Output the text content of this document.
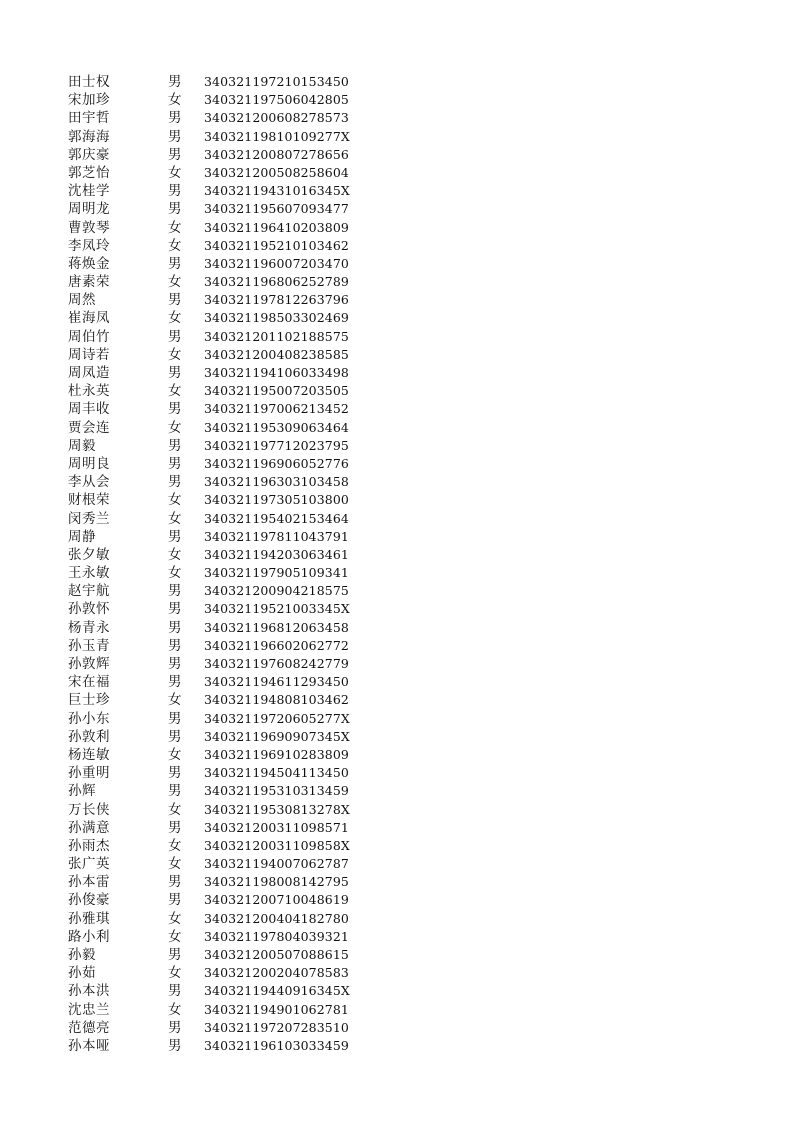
田士权	男 340321197210153450
宋加珍	女 340321197506042805
田宇哲	男 340321200608278573
郭海海	男 34032119810109277X
郭庆豪	男 340321200807278656
郭芝怡	女 340321200508258604
沈桂学	男 34032119431016345X
周明龙	男 340321195607093477
曹敦琴	女 340321196410203809
李凤玲	女 340321195210103462
蒋焕金	男 340321196007203470
唐素荣	女 340321196806252789
周然	男 340321197812263796
崔海凤	女 340321198503302469
周伯竹	男 340321201102188575
周诗若	女 340321200408238585
周凤造	男 340321194106033498
杜永英	女 340321195007203505
周丰收	男 340321197006213452
贾会连	女 340321195309063464
周毅	男 340321197712023795
周明良	男 340321196906052776
李从会	男 340321196303103458
财根荣	女 340321197305103800
闵秀兰	女 340321195402153464
周静	男 340321197811043791
张夕敏	女 340321194203063461
王永敏	女 340321197905109341
赵宇航	男 340321200904218575
孙敦怀	男 34032119521003345X
杨青永	男 340321196812063458
孙玉青	男 340321196602062772
孙敦辉	男 340321197608242779
宋在福	男 340321194611293450
巨士珍	女 340321194808103462
孙小东	男 34032119720605277X
孙敦利	男 34032119690907345X
杨连敏	女 340321196910283809
孙重明	男 340321194504113450
孙辉	男 340321195310313459
万长侠	女 34032119530813278X
孙满意	男 340321200311098571
孙雨杰	女 34032120031109858X
张广英	女 340321194007062787
孙本雷	男 340321198008142795
孙俊豪	男 340321200710048619
孙雅琪	女 340321200404182780
路小利	女 340321197804039321
孙毅	男 340321200507088615
孙茹	女 340321200204078583
孙本洪	男 34032119440916345X
沈忠兰	女 340321194901062781
范德亮	男 340321197207283510
孙本哑	男 340321196103033459
